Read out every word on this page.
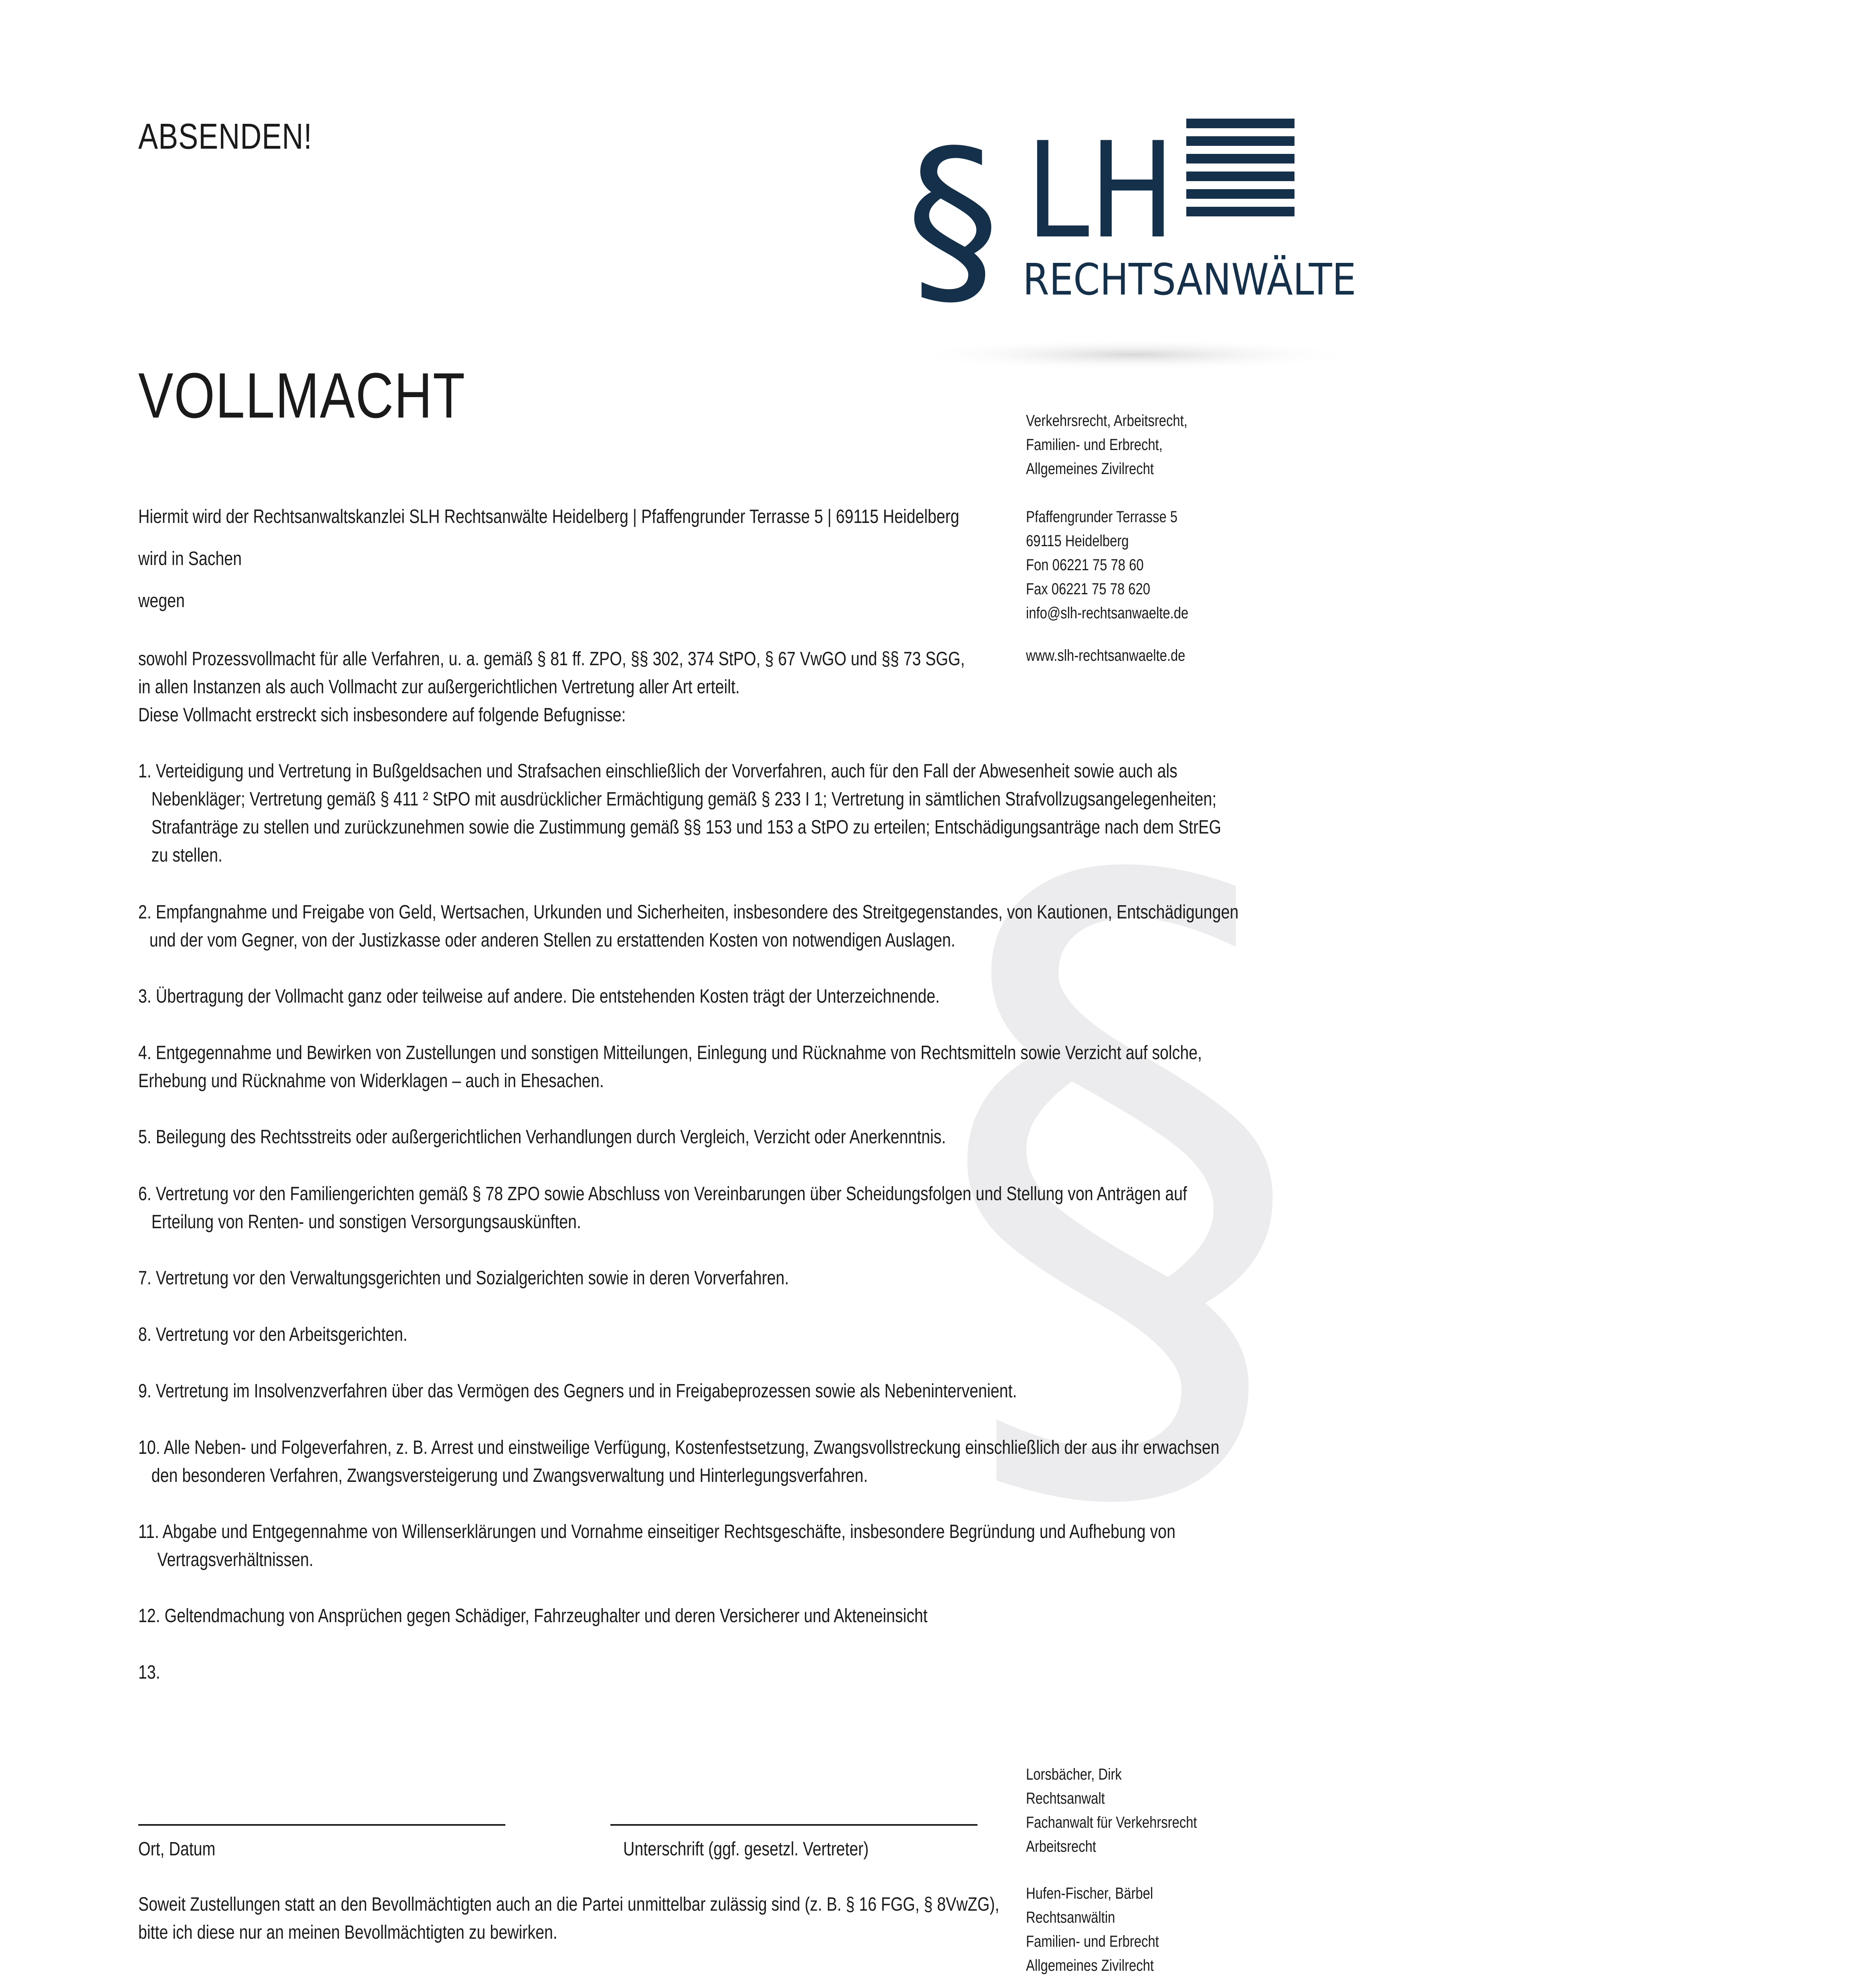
§
ABSENDEN!	§ LH
RECHTSANWÄLTE
VOLLMACHT	Verkehrsrecht, Arbeitsrecht,
Familien- und Erbrecht,
Allgemeines Zivilrecht
Pfaffengrunder Terrasse 5
69115 Heidelberg
Fon 06221 75 78 60
Fax 06221 75 78 620
info@slh-rechtsanwaelte.de
www.slh-rechtsanwaelte.de
Lorsbächer, Dirk
Rechtsanwalt
Fachanwalt für Verkehrsrecht
Arbeitsrecht
Hufen-Fischer, Bärbel
Rechtsanwältin
Familien- und Erbrecht
Allgemeines Zivilrecht
Hiermit wird der Rechtsanwaltskanzlei SLH Rechtsanwälte Heidelberg | Pfaffengrunder Terrasse 5 | 69115 Heidelberg
wird in Sachen
wegen
sowohl Prozessvollmacht für alle Verfahren, u. a. gemäß § 81 ff. ZPO, §§ 302, 374 StPO, § 67 VwGO und §§ 73 SGG,
in allen Instanzen als auch Vollmacht zur außergerichtlichen Vertretung aller Art erteilt.
Diese Vollmacht erstreckt sich insbesondere auf folgende Befugnisse:
1. Verteidigung und Vertretung in Bußgeldsachen und Strafsachen einschließlich der Vorverfahren, auch für den Fall der Abwesenheit sowie auch als
Nebenkläger; Vertretung gemäß § 411 ² StPO mit ausdrücklicher Ermächtigung gemäß § 233 I 1; Vertretung in sämtlichen Strafvollzugsangelegenheiten;
Strafanträge zu stellen und zurückzunehmen sowie die Zustimmung gemäß §§ 153 und 153 a StPO zu erteilen; Entschädigungsanträge nach dem StrEG
zu stellen.
2. Empfangnahme und Freigabe von Geld, Wertsachen, Urkunden und Sicherheiten, insbesondere des Streitgegenstandes, von Kautionen, Entschädigungen
und der vom Gegner, von der Justizkasse oder anderen Stellen zu erstattenden Kosten von notwendigen Auslagen.
3. Übertragung der Vollmacht ganz oder teilweise auf andere. Die entstehenden Kosten trägt der Unterzeichnende.
4. Entgegennahme und Bewirken von Zustellungen und sonstigen Mitteilungen, Einlegung und Rücknahme von Rechtsmitteln sowie Verzicht auf solche,
Erhebung und Rücknahme von Widerklagen – auch in Ehesachen.
5. Beilegung des Rechtsstreits oder außergerichtlichen Verhandlungen durch Vergleich, Verzicht oder Anerkenntnis.
6. Vertretung vor den Familiengerichten gemäß § 78 ZPO sowie Abschluss von Vereinbarungen über Scheidungsfolgen und Stellung von Anträgen auf
Erteilung von Renten- und sonstigen Versorgungsauskünften.
7. Vertretung vor den Verwaltungsgerichten und Sozialgerichten sowie in deren Vorverfahren.
8. Vertretung vor den Arbeitsgerichten.
9. Vertretung im Insolvenzverfahren über das Vermögen des Gegners und in Freigabeprozessen sowie als Nebenintervenient.
10. Alle Neben- und Folgeverfahren, z. B. Arrest und einstweilige Verfügung, Kostenfestsetzung, Zwangsvollstreckung einschließlich der aus ihr erwachsen
den besonderen Verfahren, Zwangsversteigerung und Zwangsverwaltung und Hinterlegungsverfahren.
11. Abgabe und Entgegennahme von Willenserklärungen und Vornahme einseitiger Rechtsgeschäfte, insbesondere Begründung und Aufhebung von
Vertragsverhältnissen.
12. Geltendmachung von Ansprüchen gegen Schädiger, Fahrzeughalter und deren Versicherer und Akteneinsicht
13.
Ort, Datum	Unterschrift (ggf. gesetzl. Vertreter)
Soweit Zustellungen statt an den Bevollmächtigten auch an die Partei unmittelbar zulässig sind (z. B. § 16 FGG, § 8VwZG),
bitte ich diese nur an meinen Bevollmächtigten zu bewirken.
